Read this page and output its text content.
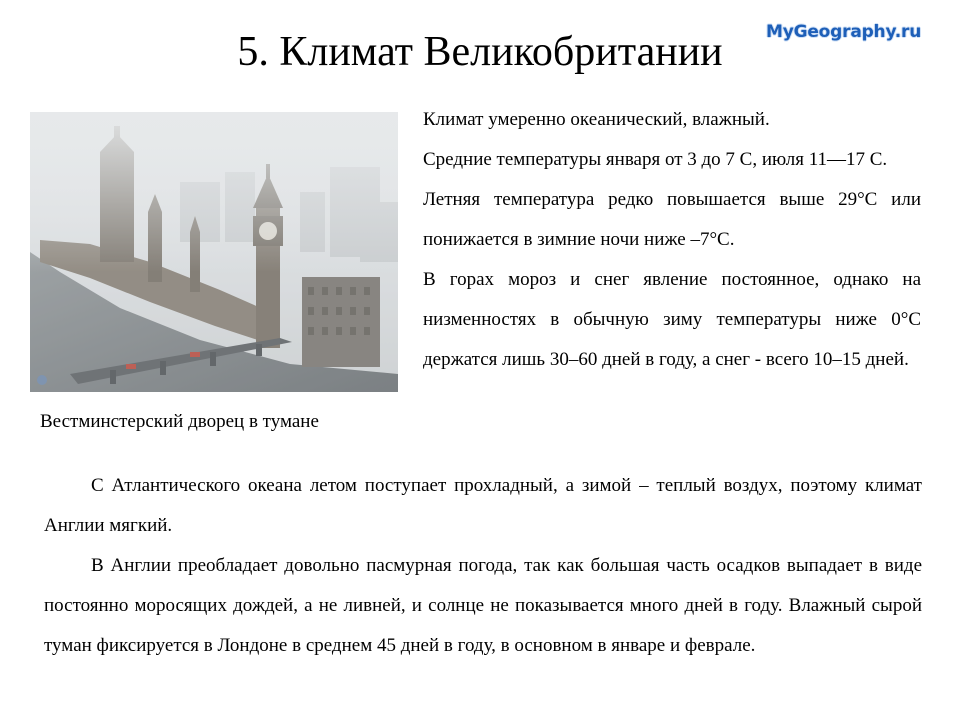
5. Климат Великобритании	MyGeography.ru
Вестминстерский дворец в тумане

Климат умеренно океанический, влажный.

Средние температуры января от 3 до 7 С, июля 11—17 С.

Летняя температура редко повышается выше 29°С или понижается в зимние ночи ниже –7°С.

В горах мороз и снег явление постоянное, однако на низменностях в обычную зиму температуры ниже 0°С держатся лишь 30–60 дней в году, а снег - всего 10–15 дней.

С Атлантического океана летом поступает прохладный, а зимой – теплый воздух, поэтому климат Англии мягкий.

В Англии преобладает довольно пасмурная погода, так как большая часть осадков выпадает в виде постоянно моросящих дождей, а не ливней, и солнце не показывается много дней в году. Влажный сырой туман фиксируется в Лондоне в среднем 45 дней в году, в основном в январе и феврале.
